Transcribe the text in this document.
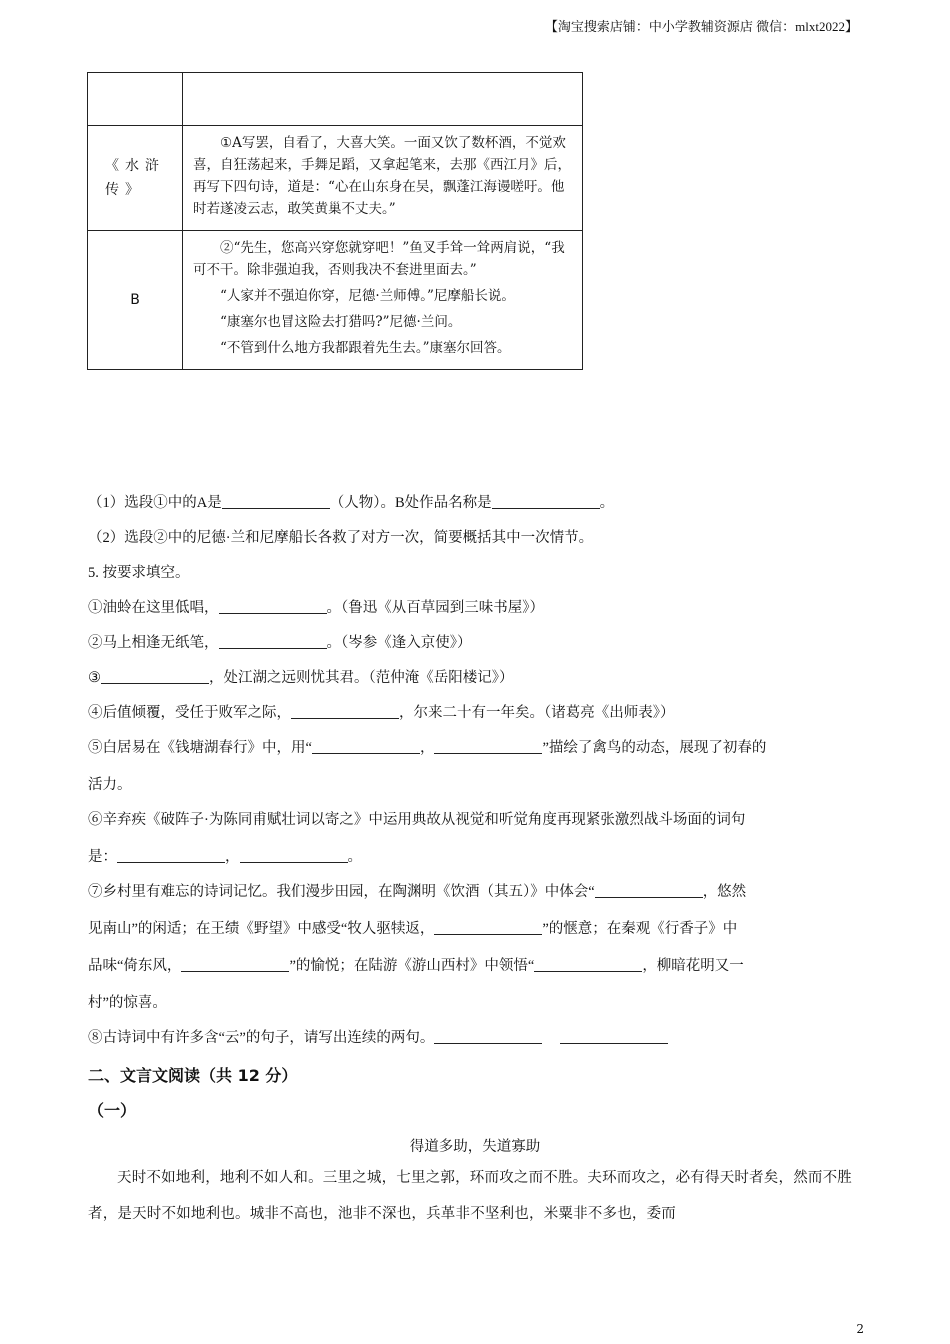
【淘宝搜索店铺：中小学教辅资源店 微信：mlxt2022】

《水浒传》	①A写罢，自看了，大喜大笑。一面又饮了数杯酒，不觉欢喜，自狂荡起来，手舞足蹈，又拿起笔来，去那《西江月》后，再写下四句诗，道是：“心在山东身在吴，飘蓬江海谩嗟吁。他时若遂凌云志，敢笑黄巢不丈夫。”

B	②“先生，您高兴穿您就穿吧！”鱼叉手耸一耸两肩说，“我可不干。除非强迫我，否则我决不套进里面去。”

“人家并不强迫你穿，尼德·兰师傅。”尼摩船长说。

“康塞尔也冒这险去打猎吗?”尼德·兰问。

“不管到什么地方我都跟着先生去。”康塞尔回答。

（1）选段①中的A是	（人物）。B处作品名称是	。
（2）选段②中的尼德·兰和尼摩船长各救了对方一次，简要概括其中一次情节。
5. 按要求填空。
①油蛉在这里低唱，	。（鲁迅《从百草园到三味书屋》）
②马上相逢无纸笔，	。（岑参《逢入京使》）
③	，处江湖之远则忧其君。（范仲淹《岳阳楼记》）
④后值倾覆，受任于败军之际，	，尔来二十有一年矣。（诸葛亮《出师表》）
⑤白居易在《钱塘湖春行》中，用“	，	”描绘了禽鸟的动态，展现了初春的
活力。
⑥辛弃疾《破阵子·为陈同甫赋壮词以寄之》中运用典故从视觉和听觉角度再现紧张激烈战斗场面的词句
是：	，	。
⑦乡村里有难忘的诗词记忆。我们漫步田园，在陶渊明《饮酒（其五）》中体会“	，悠然
见南山”的闲适；在王绩《野望》中感受“牧人驱犊返，	”的惬意；在秦观《行香子》中
品味“倚东风，	”的愉悦；在陆游《游山西村》中领悟“	，柳暗花明又一
村”的惊喜。
⑧古诗词中有许多含“云”的句子，请写出连续的两句。
二、文言文阅读（共 12 分）
（一）
得道多助，失道寡助

天时不如地利，地利不如人和。三里之城，七里之郭，环而攻之而不胜。夫环而攻之，必有得天时者矣，然而不胜者，是天时不如地利也。城非不高也，池非不深也，兵革非不坚利也，米粟非不多也，委而

2
